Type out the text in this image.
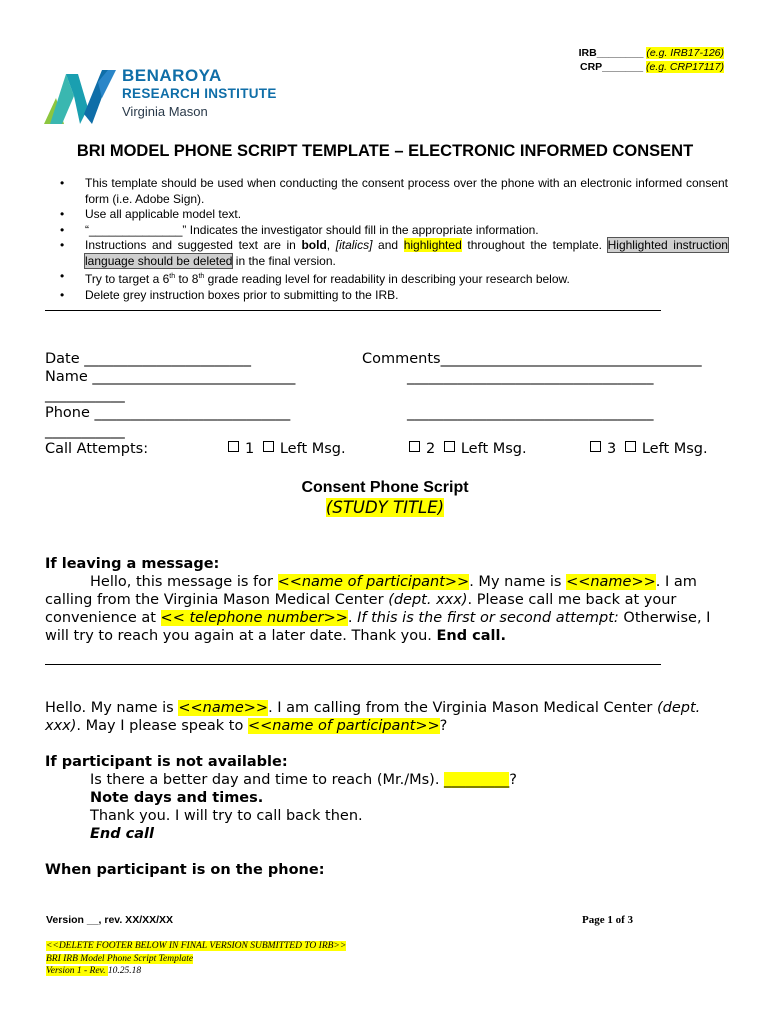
IRB________ (e.g. IRB17-126)
CRP_______ (e.g. CRP17117)
BENAROYA
RESEARCH INSTITUTE
Virginia Mason
BRI MODEL PHONE SCRIPT TEMPLATE – ELECTRONIC INFORMED CONSENT
• This template should be used when conducting the consent process over the phone with an electronic informed consent form (i.e. Adobe Sign).
• Use all applicable model text.
• “______________” Indicates the investigator should fill in the appropriate information.
• Instructions and suggested text are in bold, [italics] and highlighted throughout the template. Highlighted instruction language should be deleted in the final version.
• Try to target a 6th to 8th grade reading level for readability in describing your research below.
• Delete grey instruction boxes prior to submitting to the IRB.
Date _______________________	Comments____________________________________
Name ____________________________	__________________________________
___________
Phone ___________________________	__________________________________
___________
Call Attempts:	1 Left Msg.	2 Left Msg.	3 Left Msg.
Consent Phone Script
(STUDY TITLE)
If leaving a message:
Hello, this message is for <<name of participant>>. My name is <<name>>. I am calling from the Virginia Mason Medical Center (dept. xxx). Please call me back at your convenience at << telephone number>>. If this is the first or second attempt: Otherwise, I will try to reach you again at a later date. Thank you. End call.
Hello. My name is <<name>>. I am calling from the Virginia Mason Medical Center (dept. xxx). May I please speak to <<name of participant>>?
If participant is not available:
Is there a better day and time to reach (Mr./Ms). _________?
Note days and times.
Thank you. I will try to call back then.
End call
When participant is on the phone:
Version __, rev. XX/XX/XX	Page 1 of 3
<<DELETE FOOTER BELOW IN FINAL VERSION SUBMITTED TO IRB>>
BRI IRB Model Phone Script Template
Version 1 - Rev. 10.25.18
